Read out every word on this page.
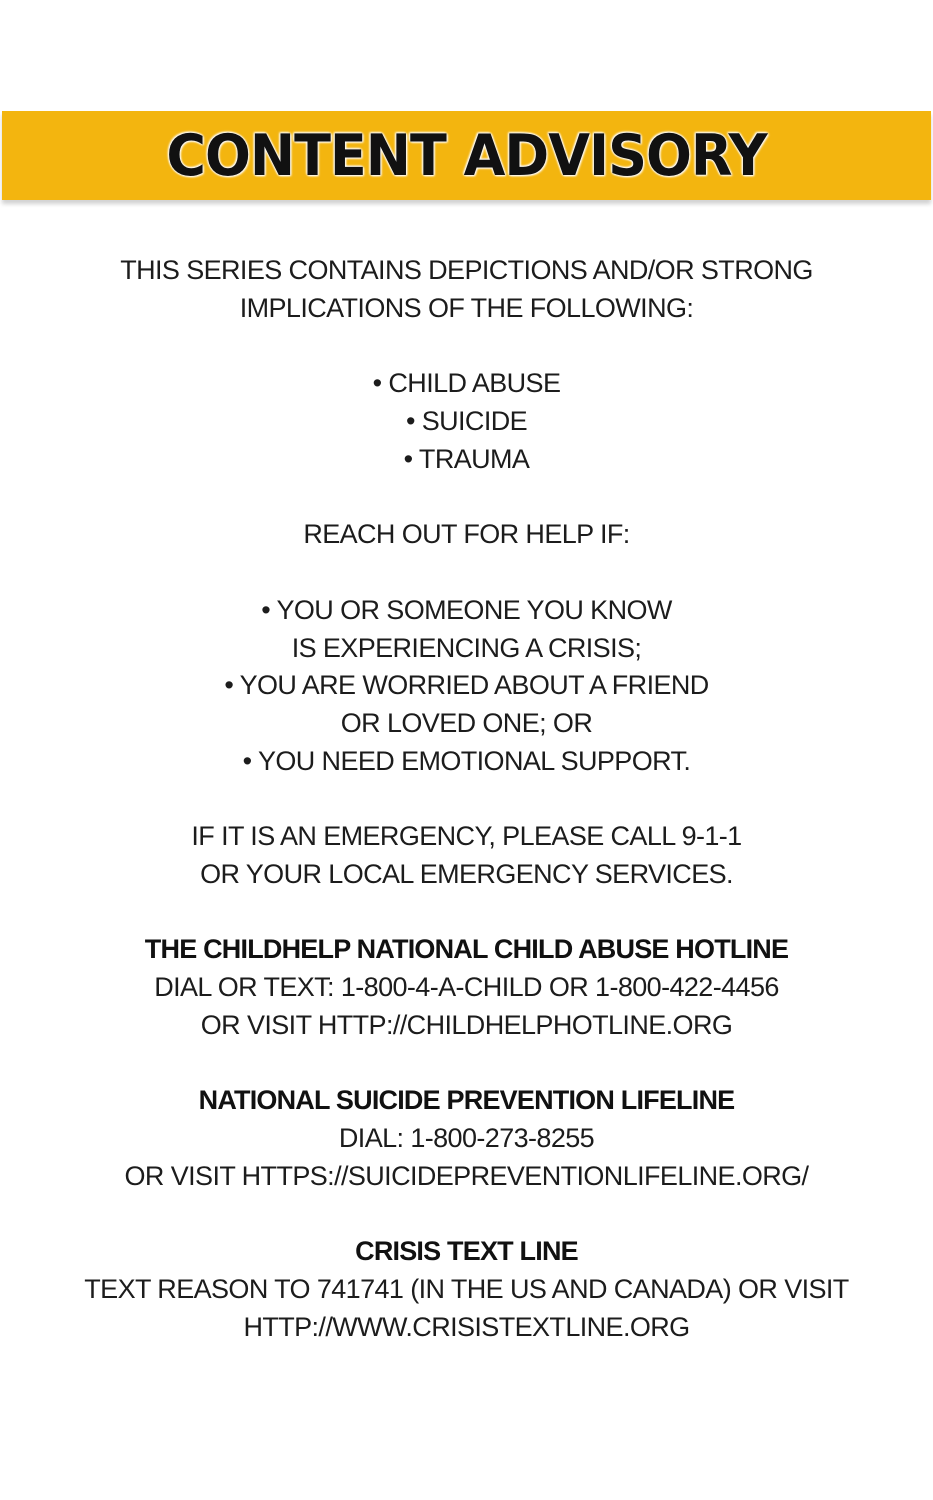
CONTENT ADVISORY
THIS SERIES CONTAINS DEPICTIONS AND/OR STRONG
IMPLICATIONS OF THE FOLLOWING:
• CHILD ABUSE
• SUICIDE
• TRAUMA
REACH OUT FOR HELP IF:
• YOU OR SOMEONE YOU KNOW
IS EXPERIENCING A CRISIS;
• YOU ARE WORRIED ABOUT A FRIEND
OR LOVED ONE; OR
• YOU NEED EMOTIONAL SUPPORT.
IF IT IS AN EMERGENCY, PLEASE CALL 9-1-1
OR YOUR LOCAL EMERGENCY SERVICES.
THE CHILDHELP NATIONAL CHILD ABUSE HOTLINE
DIAL OR TEXT: 1-800-4-A-CHILD OR 1-800-422-4456
OR VISIT HTTP://CHILDHELPHOTLINE.ORG
NATIONAL SUICIDE PREVENTION LIFELINE
DIAL: 1-800-273-8255
OR VISIT HTTPS://SUICIDEPREVENTIONLIFELINE.ORG/
CRISIS TEXT LINE
TEXT REASON TO 741741 (IN THE US AND CANADA) OR VISIT
HTTP://WWW.CRISISTEXTLINE.ORG
